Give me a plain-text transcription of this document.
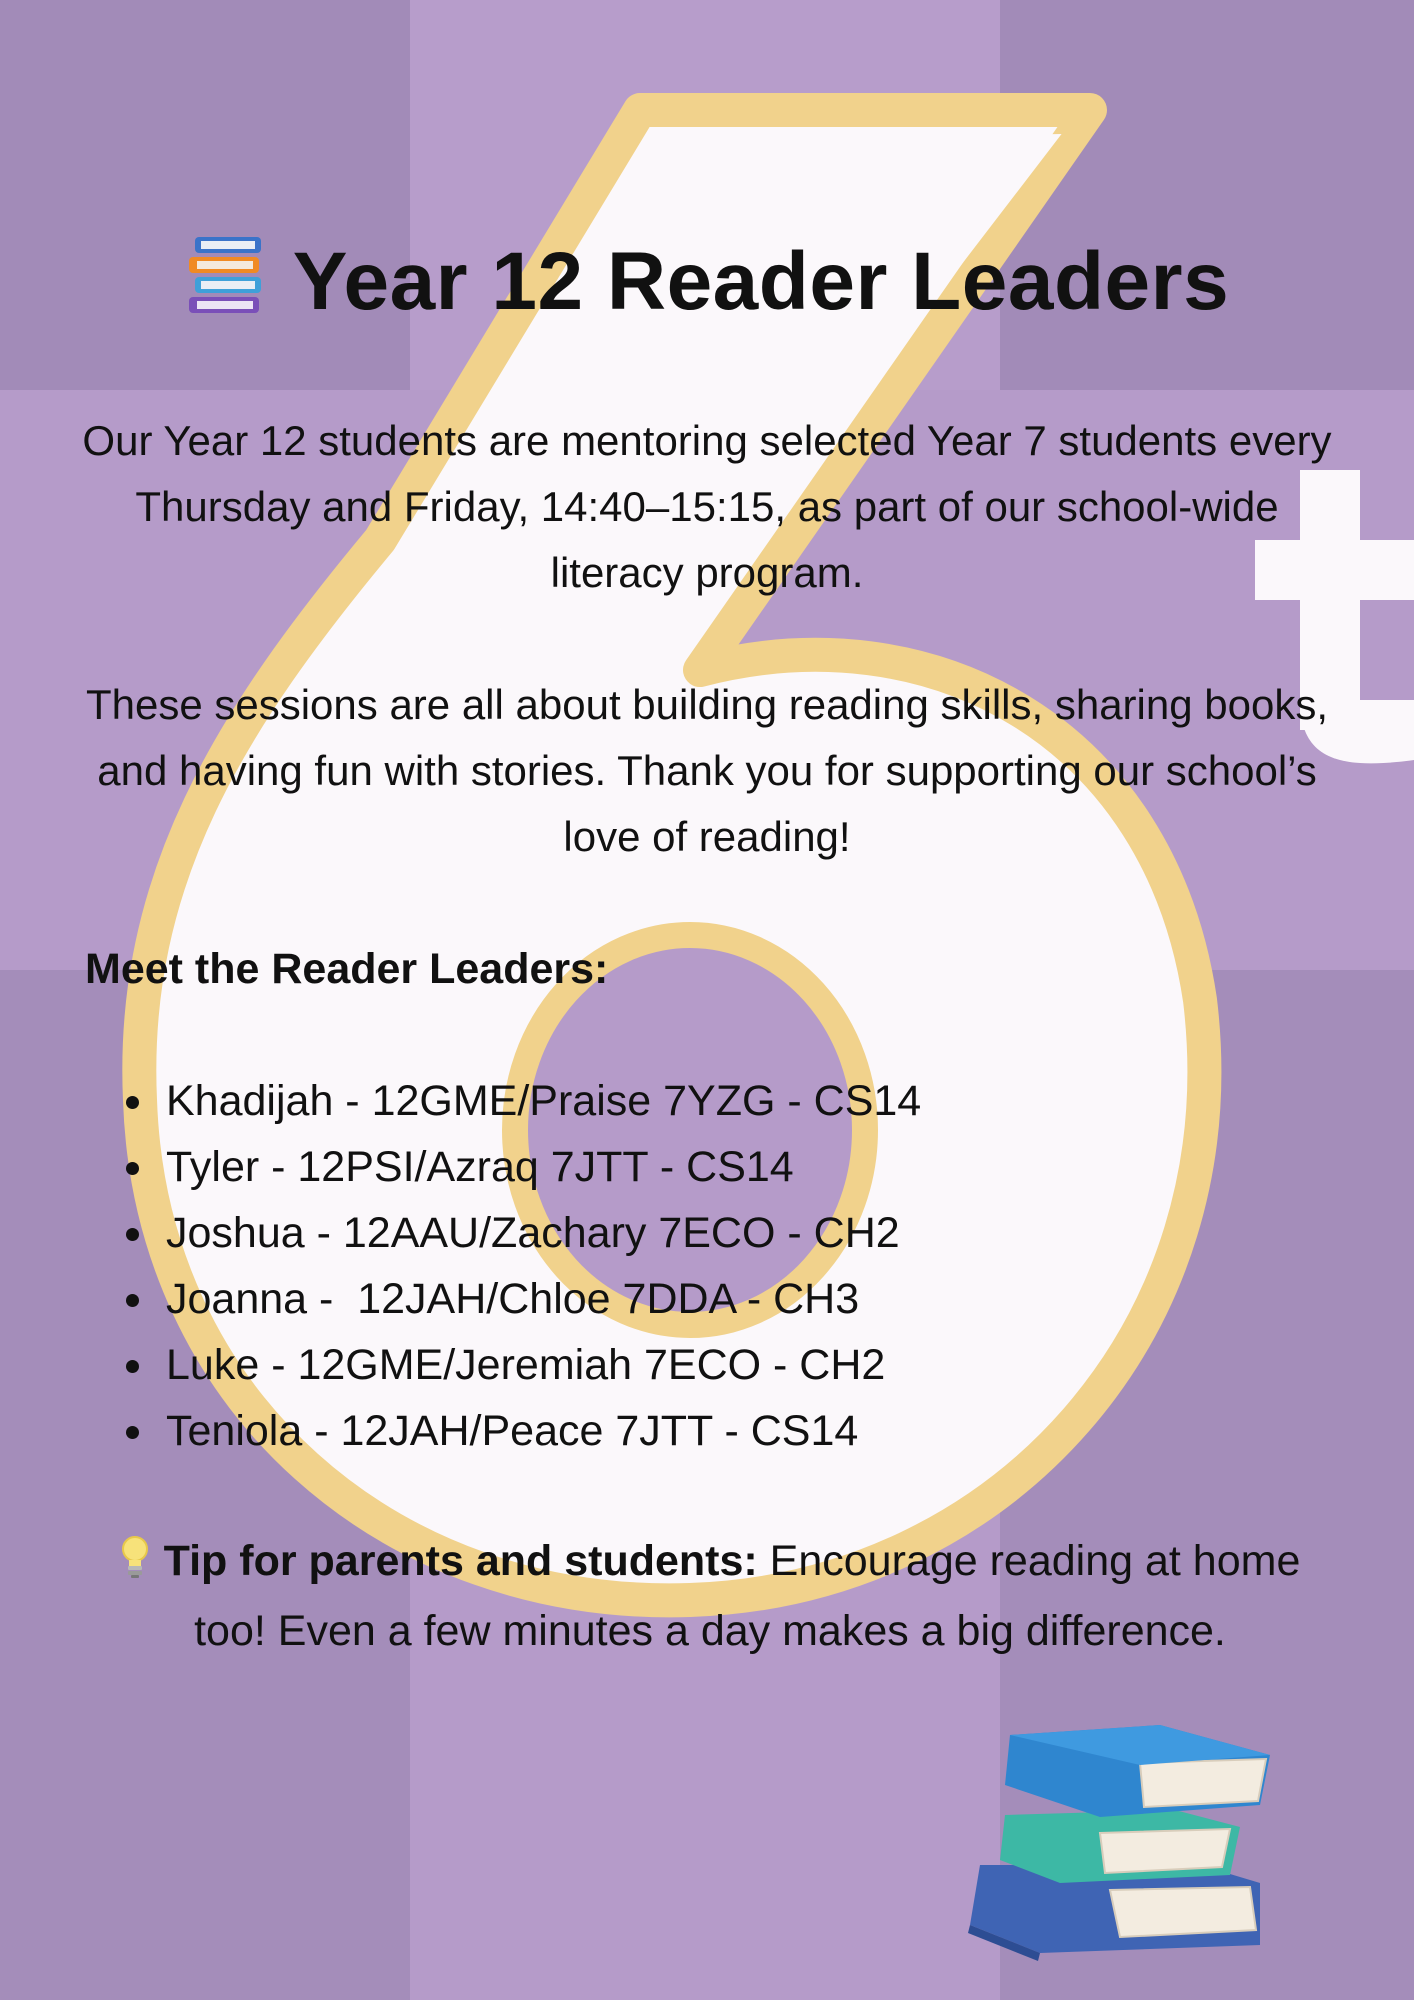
Year 12 Reader Leaders

Our Year 12 students are mentoring selected Year 7 students every Thursday and Friday, 14:40–15:15, as part of our school-wide literacy program.

These sessions are all about building reading skills, sharing books, and having fun with stories. Thank you for supporting our school’s love of reading!

Meet the Reader Leaders:
Khadijah - 12GME/Praise 7YZG - CS14
Tyler - 12PSI/Azraq 7JTT - CS14
Joshua - 12AAU/Zachary 7ECO - CH2
Joanna -  12JAH/Chloe 7DDA - CH3
Luke - 12GME/Jeremiah 7ECO - CH2
Teniola - 12JAH/Peace 7JTT - CS14

Tip for parents and students: Encourage reading at home too! Even a few minutes a day makes a big difference.
